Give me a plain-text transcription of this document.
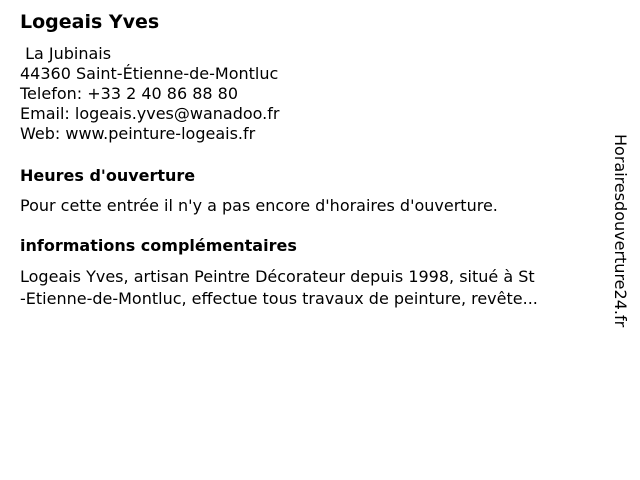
Logeais Yves
La Jubinais
44360 Saint-Étienne-de-Montluc
Telefon: +33 2 40 86 88 80
Email: logeais.yves@wanadoo.fr
Web: www.peinture-logeais.fr
Heures d'ouverture
Pour cette entrée il n'y a pas encore d'horaires d'ouverture.
informations complémentaires
Logeais Yves, artisan Peintre Décorateur depuis 1998, situé à St
-Etienne-de-Montluc, effectue tous travaux de peinture, revête...	Horairesdouverture24.fr
